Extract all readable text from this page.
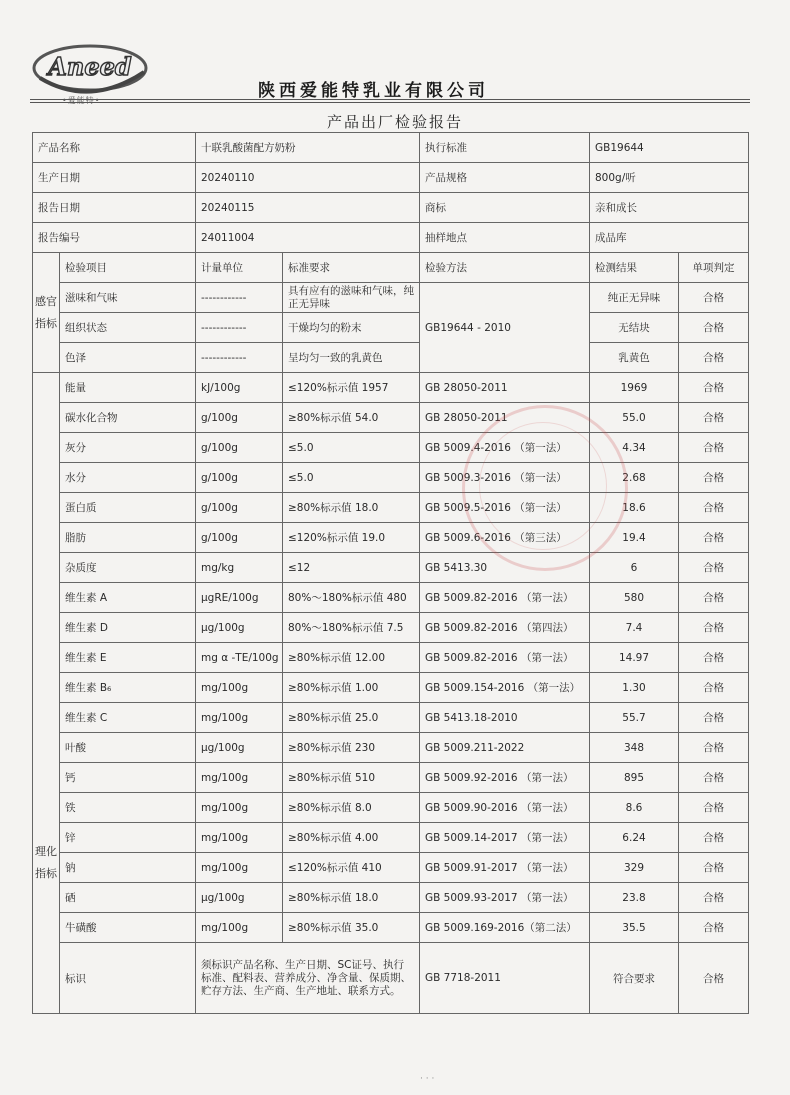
Aneed
•爱能特•	陕西爱能特乳业有限公司
产品出厂检验报告
产品名称		十联乳酸菌配方奶粉		执行标准	GB19644	
生产日期		20240110		产品规格	800g/听	
报告日期		20240115		商标	亲和成长	
报告编号		24011004		抽样地点	成品库	
感官指标	检验项目	计量单位	标准要求	检验方法	检测结果	单项判定
	滋味和气味	------------	具有应有的滋味和气味，纯正无异味	GB19644 - 2010	纯正无异味	合格
	组织状态	------------	干燥均匀的粉末		无结块	合格
	色泽	------------	呈均匀一致的乳黄色		乳黄色	合格
理化指标	能量	kJ/100g	≤120%标示值 1957	GB 28050-2011	1969	合格
	碳水化合物	g/100g	≥80%标示值 54.0	GB 28050-2011	55.0	合格
	灰分	g/100g	≤5.0	GB 5009.4-2016 （第一法）	4.34	合格
	水分	g/100g	≤5.0	GB 5009.3-2016 （第一法）	2.68	合格
	蛋白质	g/100g	≥80%标示值 18.0	GB 5009.5-2016 （第一法）	18.6	合格
	脂肪	g/100g	≤120%标示值 19.0	GB 5009.6-2016 （第三法）	19.4	合格
	杂质度	mg/kg	≤12	GB 5413.30	6	合格
	维生素 A	μgRE/100g	80%～180%标示值 480	GB 5009.82-2016 （第一法）	580	合格
	维生素 D	μg/100g	80%～180%标示值 7.5	GB 5009.82-2016 （第四法）	7.4	合格
	维生素 E	mg α -TE/100g	≥80%标示值 12.00	GB 5009.82-2016 （第一法）	14.97	合格
	维生素 B₆	mg/100g	≥80%标示值 1.00	GB 5009.154-2016 （第一法）	1.30	合格
	维生素 C	mg/100g	≥80%标示值 25.0	GB 5413.18-2010	55.7	合格
	叶酸	μg/100g	≥80%标示值 230	GB 5009.211-2022	348	合格
	钙	mg/100g	≥80%标示值 510	GB 5009.92-2016 （第一法）	895	合格
	铁	mg/100g	≥80%标示值 8.0	GB 5009.90-2016 （第一法）	8.6	合格
	锌	mg/100g	≥80%标示值 4.00	GB 5009.14-2017 （第一法）	6.24	合格
	钠	mg/100g	≤120%标示值 410	GB 5009.91-2017 （第一法）	329	合格
	硒	μg/100g	≥80%标示值 18.0	GB 5009.93-2017 （第一法）	23.8	合格
	牛磺酸	mg/100g	≥80%标示值 35.0	GB 5009.169-2016（第二法）	35.5	合格
	标识	须标识产品名称、生产日期、SC证号、执行标准、配料表、营养成分、净含量、保质期、贮存方法、生产商、生产地址、联系方式。		GB 7718-2011	符合要求	合格
· · ·
